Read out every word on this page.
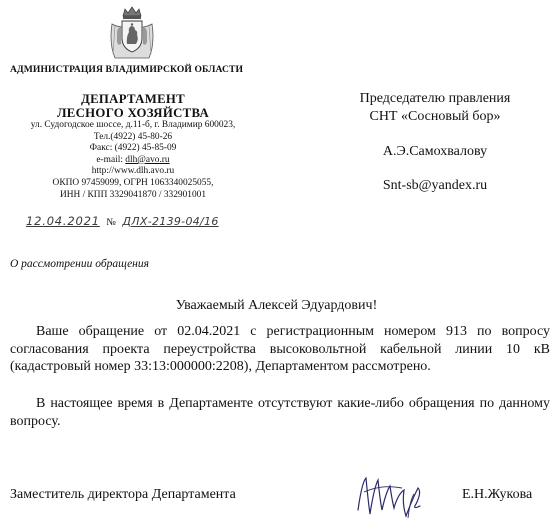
АДМИНИСТРАЦИЯ ВЛАДИМИРСКОЙ ОБЛАСТИ
ДЕПАРТАМЕНТ
ЛЕСНОГО ХОЗЯЙСТВА
ул. Судогодское шоссе, д.11-б, г. Владимир 600023,
Тел.(4922) 45-80-26
Факс: (4922) 45-85-09
e-mail: dlh@avo.ru
http://www.dlh.avo.ru
ОКПО 97459099, ОГРН 1063340025055,
ИНН / КПП 3329041870 / 332901001
12.04.2021 № ДЛХ-2139-04/16
Председателю правления
СНТ «Сосновый бор»
А.Э.Самохвалову
Snt-sb@yandex.ru
О рассмотрении обращения
Уважаемый Алексей Эдуардович!
Ваше обращение от 02.04.2021 с регистрационным номером 913 по вопросу согласования проекта переустройства высоковольтной кабельной линии 10 кВ (кадастровый номер 33:13:000000:2208), Департаментом рассмотрено.
В настоящее время в Департаменте отсутствуют какие-либо обращения по данному вопросу.
Заместитель директора Департамента	Е.Н.Жукова
